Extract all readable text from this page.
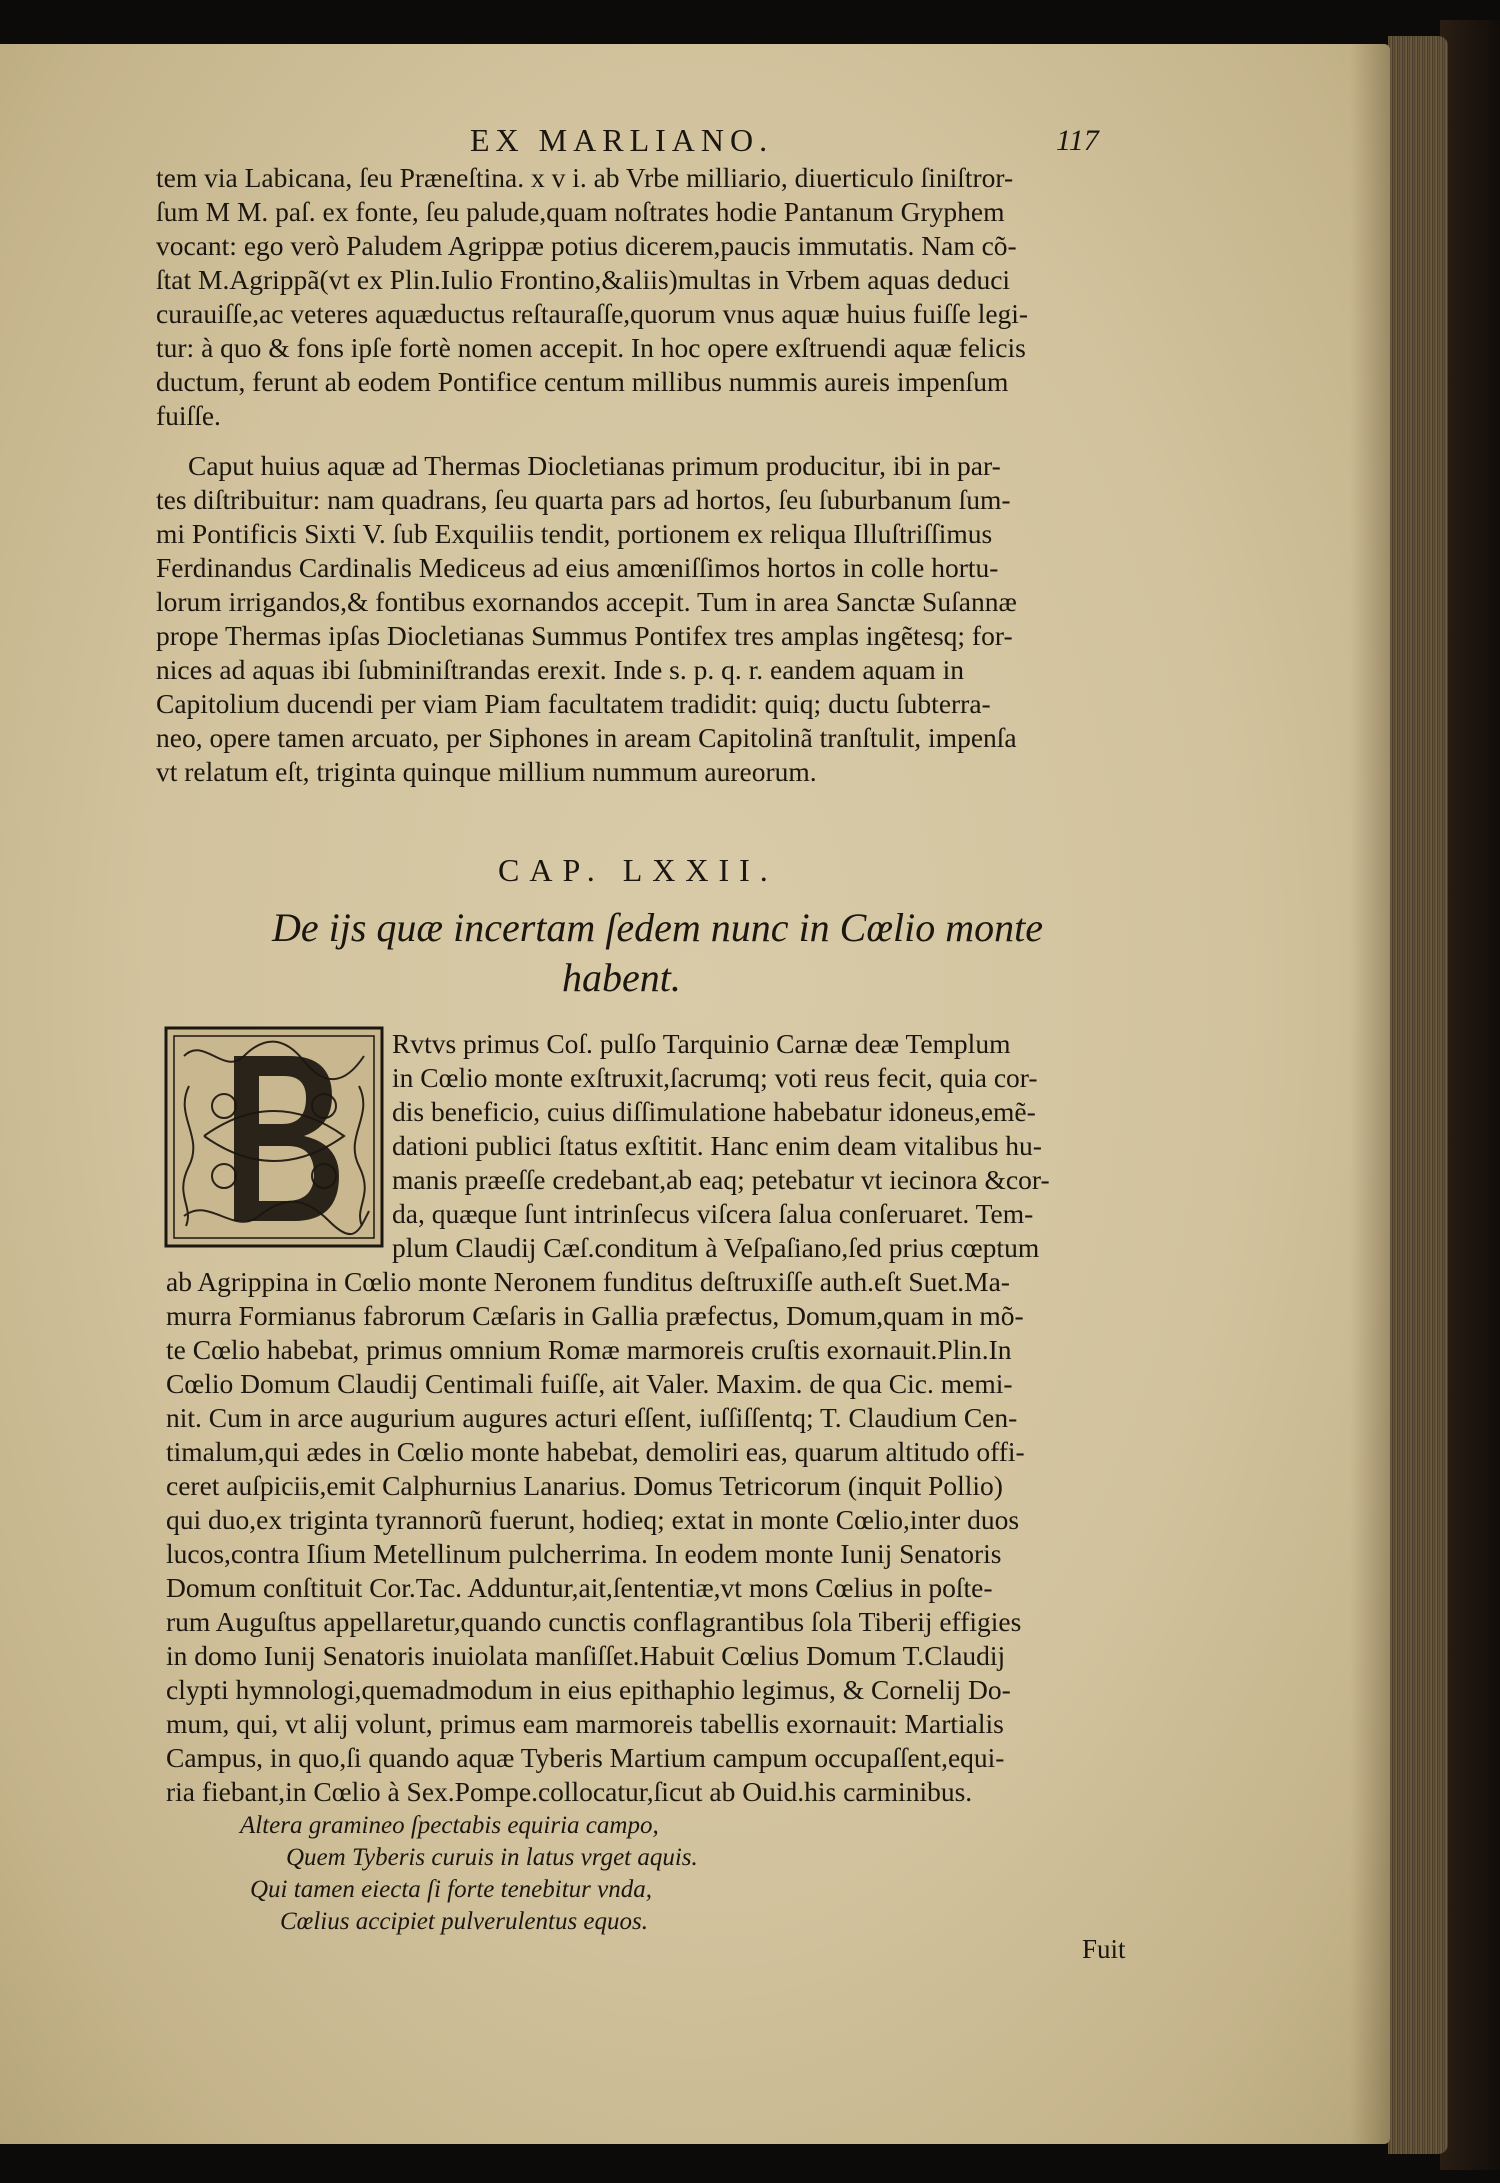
EX MARLIANO.	117
tem via Labicana, ſeu Præneſtina. x v i. ab Vrbe milliario, diuerticulo ſiniſtror-
ſum M M. paſ. ex fonte, ſeu palude,quam noſtrates hodie Pantanum Gryphem
vocant: ego verò Paludem Agrippæ potius dicerem,paucis immutatis. Nam cõ-
ſtat M.Agrippã(vt ex Plin.Iulio Frontino,&aliis)multas in Vrbem aquas deduci
curauiſſe,ac veteres aquæductus reſtauraſſe,quorum vnus aquæ huius fuiſſe legi-
tur: à quo & fons ipſe fortè nomen accepit. In hoc opere exſtruendi aquæ felicis
ductum, ferunt ab eodem Pontifice centum millibus nummis aureis impenſum
fuiſſe.
Caput huius aquæ ad Thermas Diocletianas primum producitur, ibi in par-
tes diſtribuitur: nam quadrans, ſeu quarta pars ad hortos, ſeu ſuburbanum ſum-
mi Pontificis Sixti V. ſub Exquiliis tendit, portionem ex reliqua Illuſtriſſimus
Ferdinandus Cardinalis Mediceus ad eius amœniſſimos hortos in colle hortu-
lorum irrigandos,& fontibus exornandos accepit. Tum in area Sanctæ Suſannæ
prope Thermas ipſas Diocletianas Summus Pontifex tres amplas ingẽtesq; for-
nices ad aquas ibi ſubminiſtrandas erexit. Inde s. p. q. r. eandem aquam in
Capitolium ducendi per viam Piam facultatem tradidit: quiq; ductu ſubterra-
neo, opere tamen arcuato, per Siphones in aream Capitolinã tranſtulit, impenſa
vt relatum eſt, triginta quinque millium nummum aureorum.
CAP. LXXII.
De ijs quæ incertam ſedem nunc in Cœlio monte
habent.
Rvtvs primus Coſ. pulſo Tarquinio Carnæ deæ Templum
in Cœlio monte exſtruxit,ſacrumq; voti reus fecit, quia cor-
dis beneficio, cuius diſſimulatione habebatur idoneus,emẽ-
dationi publici ſtatus exſtitit. Hanc enim deam vitalibus hu-
manis præeſſe credebant,ab eaq; petebatur vt iecinora &cor-
da, quæque ſunt intrinſecus viſcera ſalua conſeruaret. Tem-
plum Claudij Cæſ.conditum à Veſpaſiano,ſed prius cœptum
ab Agrippina in Cœlio monte Neronem funditus deſtruxiſſe auth.eſt Suet.Ma-
murra Formianus fabrorum Cæſaris in Gallia præfectus, Domum,quam in mõ-
te Cœlio habebat, primus omnium Romæ marmoreis cruſtis exornauit.Plin.In
Cœlio Domum Claudij Centimali fuiſſe, ait Valer. Maxim. de qua Cic. memi-
nit. Cum in arce augurium augures acturi eſſent, iuſſiſſentq; T. Claudium Cen-
timalum,qui ædes in Cœlio monte habebat, demoliri eas, quarum altitudo offi-
ceret auſpiciis,emit Calphurnius Lanarius. Domus Tetricorum (inquit Pollio)
qui duo,ex triginta tyrannorũ fuerunt, hodieq; extat in monte Cœlio,inter duos
lucos,contra Iſium Metellinum pulcherrima. In eodem monte Iunij Senatoris
Domum conſtituit Cor.Tac. Adduntur,ait,ſententiæ,vt mons Cœlius in poſte-
rum Auguſtus appellaretur,quando cunctis conflagrantibus ſola Tiberij effigies
in domo Iunij Senatoris inuiolata manſiſſet.Habuit Cœlius Domum T.Claudij
clypti hymnologi,quemadmodum in eius epithaphio legimus, & Cornelij Do-
mum, qui, vt alij volunt, primus eam marmoreis tabellis exornauit: Martialis
Campus, in quo,ſi quando aquæ Tyberis Martium campum occupaſſent,equi-
ria fiebant,in Cœlio à Sex.Pompe.collocatur,ſicut ab Ouid.his carminibus.
Altera gramineo ſpectabis equiria campo,
Quem Tyberis curuis in latus vrget aquis.
Qui tamen eiecta ſi forte tenebitur vnda,
Cœlius accipiet pulverulentus equos.
Fuit
